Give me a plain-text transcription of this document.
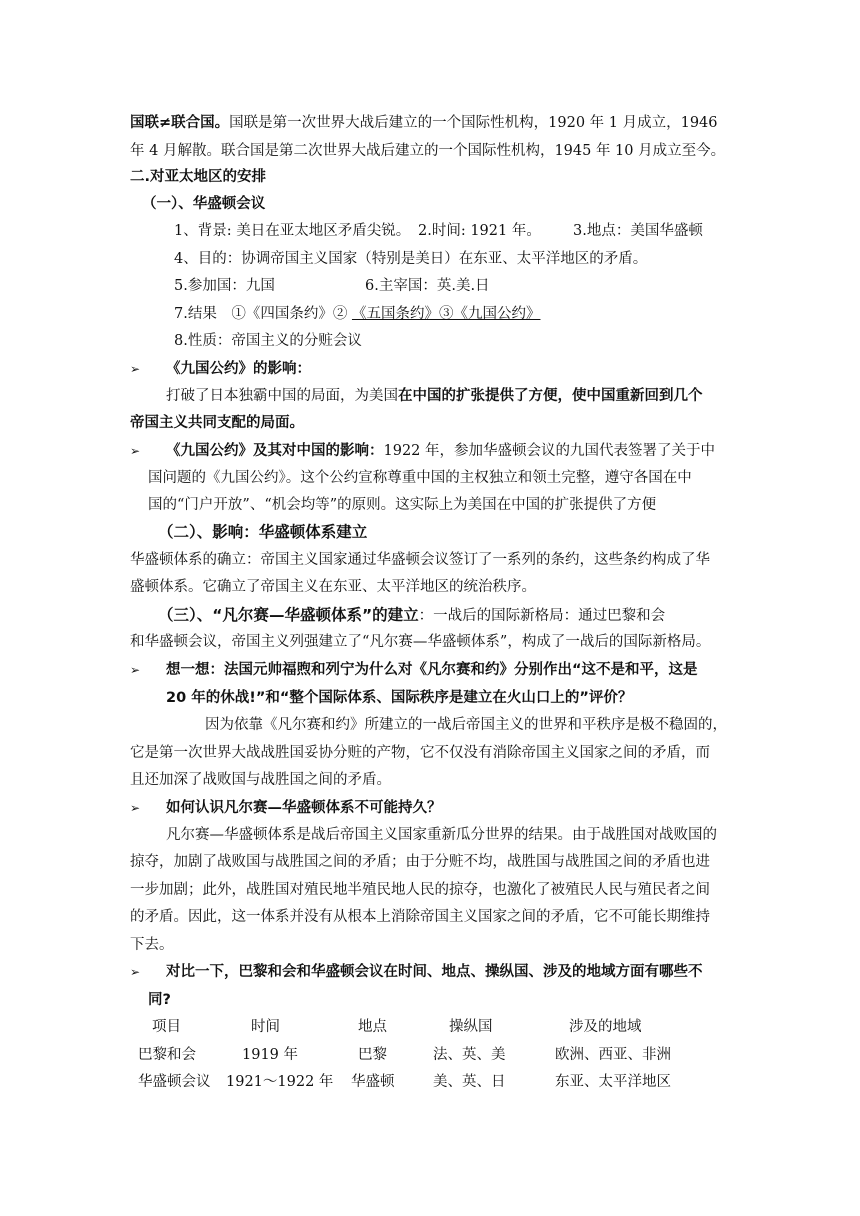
国联≠联合国。国联是第一次世界大战后建立的一个国际性机构，1920 年 1 月成立，1946
年 4 月解散。联合国是第二次世界大战后建立的一个国际性机构，1945 年 10 月成立至今。
二.对亚太地区的安排
（一）、华盛顿会议
1、背景: 美日在亚太地区矛盾尖锐。 2.时间: 1921 年。 3.地点：美国华盛顿
4、目的：协调帝国主义国家（特别是美日）在东亚、太平洋地区的矛盾。
5.参加国：九国	6.主宰国：英.美.日
7.结果　①《四国条约》② 《五国条约》③《九国公约》
8.性质：帝国主义的分赃会议
➢ 《九国公约》的影响：
打破了日本独霸中国的局面，为美国在中国的扩张提供了方便，使中国重新回到几个
帝国主义共同支配的局面。
➢ 《九国公约》及其对中国的影响：1922 年，参加华盛顿会议的九国代表签署了关于中
国问题的《九国公约》。这个公约宣称尊重中国的主权独立和领土完整，遵守各国在中
国的“门户开放”、“机会均等”的原则。这实际上为美国在中国的扩张提供了方便
（二）、影响：华盛顿体系建立
华盛顿体系的确立：帝国主义国家通过华盛顿会议签订了一系列的条约，这些条约构成了华
盛顿体系。它确立了帝国主义在东亚、太平洋地区的统治秩序。
（三）、“凡尔赛—华盛顿体系”的建立：一战后的国际新格局：通过巴黎和会
和华盛顿会议，帝国主义列强建立了“凡尔赛—华盛顿体系”，构成了一战后的国际新格局。
➢ 想一想：法国元帅福煦和列宁为什么对《凡尔赛和约》分别作出“这不是和平，这是
20 年的休战!”和“整个国际体系、国际秩序是建立在火山口上的”评价？
因为依靠《凡尔赛和约》所建立的一战后帝国主义的世界和平秩序是极不稳固的，
它是第一次世界大战战胜国妥协分赃的产物，它不仅没有消除帝国主义国家之间的矛盾，而
且还加深了战败国与战胜国之间的矛盾。
➢ 如何认识凡尔赛—华盛顿体系不可能持久？
凡尔赛—华盛顿体系是战后帝国主义国家重新瓜分世界的结果。由于战胜国对战败国的
掠夺，加剧了战败国与战胜国之间的矛盾；由于分赃不均，战胜国与战胜国之间的矛盾也进
一步加剧；此外，战胜国对殖民地半殖民地人民的掠夺，也激化了被殖民人民与殖民者之间
的矛盾。因此，这一体系并没有从根本上消除帝国主义国家之间的矛盾，它不可能长期维持
下去。
➢ 对比一下，巴黎和会和华盛顿会议在时间、地点、操纵国、涉及的地域方面有哪些不
同?
项目	时间	地点	操纵国	涉及的地域
巴黎和会	1919 年	巴黎	法、英、美	欧洲、西亚、非洲
华盛顿会议 1921～1922 年 华盛顿	美、英、日	东亚、太平洋地区
